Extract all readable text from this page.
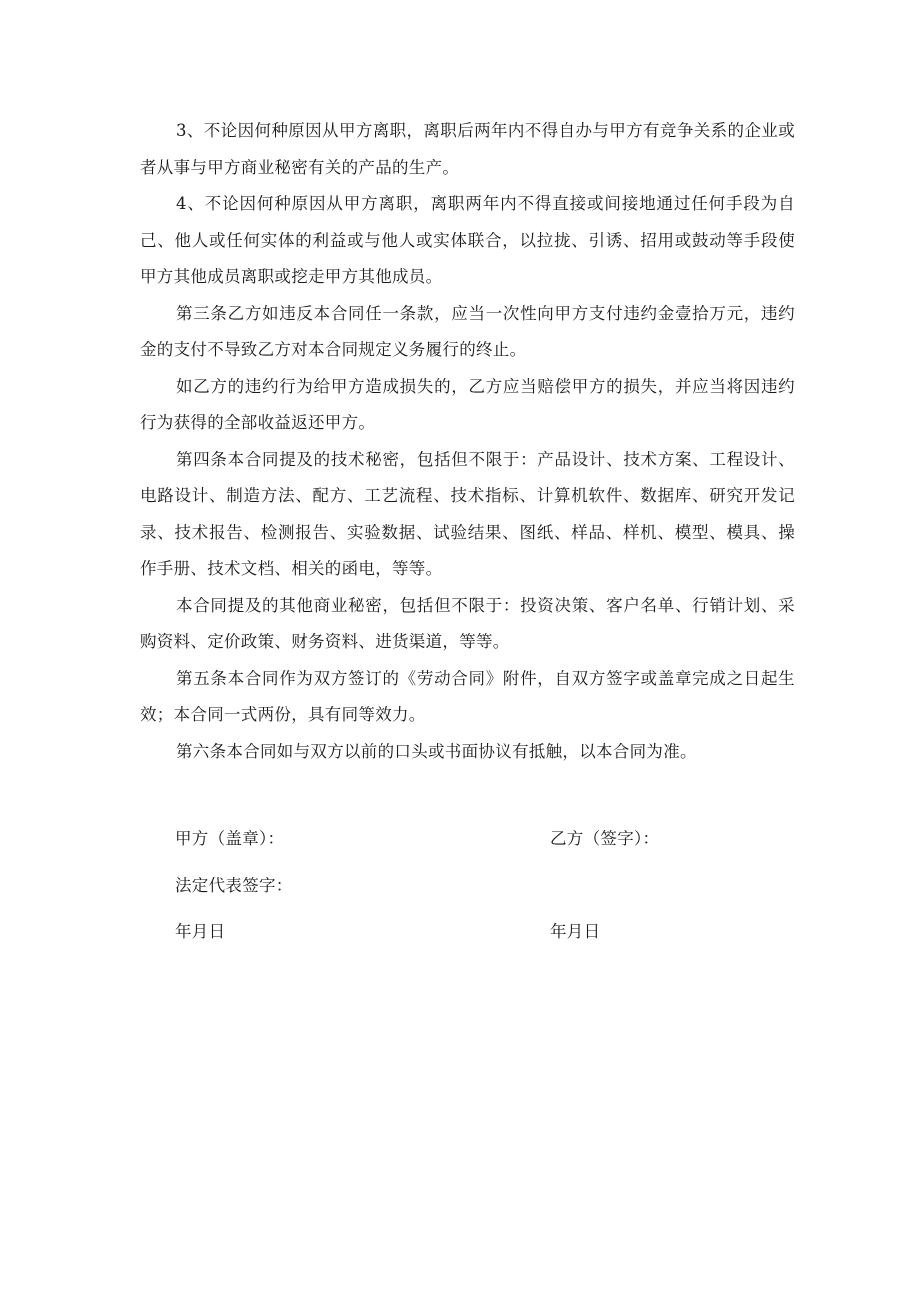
3、不论因何种原因从甲方离职，离职后两年内不得自办与甲方有竞争关系的企业或者从事与甲方商业秘密有关的产品的生产。

4、不论因何种原因从甲方离职，离职两年内不得直接或间接地通过任何手段为自己、他人或任何实体的利益或与他人或实体联合，以拉拢、引诱、招用或鼓动等手段使甲方其他成员离职或挖走甲方其他成员。

第三条乙方如违反本合同任一条款，应当一次性向甲方支付违约金壹拾万元，违约金的支付不导致乙方对本合同规定义务履行的终止。

如乙方的违约行为给甲方造成损失的，乙方应当赔偿甲方的损失，并应当将因违约行为获得的全部收益返还甲方。

第四条本合同提及的技术秘密，包括但不限于：产品设计、技术方案、工程设计、电路设计、制造方法、配方、工艺流程、技术指标、计算机软件、数据库、研究开发记录、技术报告、检测报告、实验数据、试验结果、图纸、样品、样机、模型、模具、操作手册、技术文档、相关的函电，等等。

本合同提及的其他商业秘密，包括但不限于：投资决策、客户名单、行销计划、采购资料、定价政策、财务资料、进货渠道，等等。

第五条本合同作为双方签订的《劳动合同》附件，自双方签字或盖章完成之日起生效；本合同一式两份，具有同等效力。

第六条本合同如与双方以前的口头或书面协议有抵触，以本合同为准。

甲方（盖章）：	乙方（签字）：
法定代表签字：
年月日	年月日
